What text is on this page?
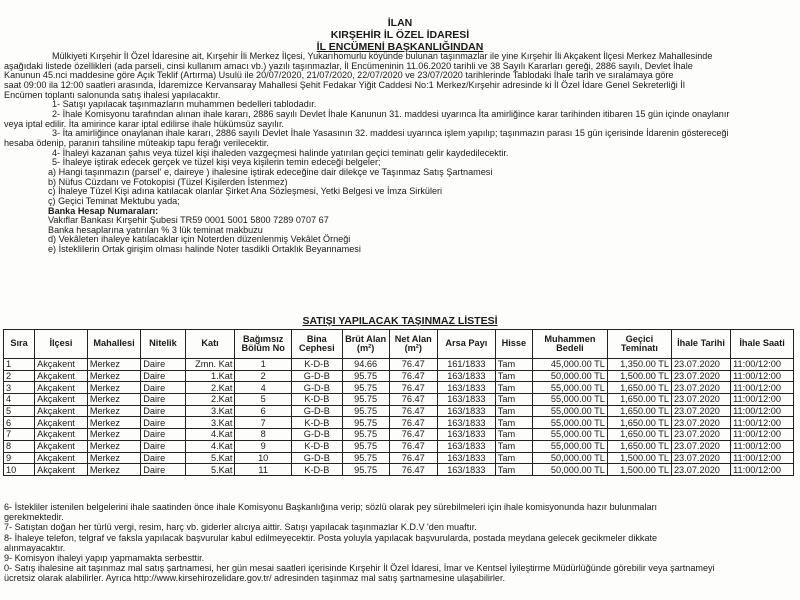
İLAN
KIRŞEHİR İL ÖZEL İDARESİ
İL ENCÜMENİ BAŞKANLIĞINDAN
Mülkiyeti Kırşehir İl Özel İdaresine ait, Kırşehir İli Merkez İlçesi, Yukarıhomurlu köyünde bulunan taşınmazlar ile yine Kırşehir İli Akçakent İlçesi Merkez Mahallesinde
aşağıdaki listede özellikleri (ada parseli, cinsi kullanım amacı vb.) yazılı taşınmazlar, İl Encümeninin 11.06.2020 tarihli ve 38 Sayılı Kararları gereği, 2886 sayılı, Devlet İhale
Kanunun 45.nci maddesine göre Açık Teklif (Artırma) Usulü ile 20/07/2020, 21/07/2020, 22/07/2020 ve 23/07/2020 tarihlerinde Tablodaki İhale tarih ve sıralamaya göre
saat 09:00 ila 12:00 saatleri arasında, İdaremizce Kervansaray Mahallesi Şehit Fedakar Yiğit Caddesi No:1 Merkez/Kırşehir adresinde ki İl Özel İdare Genel Sekreterliği İl
Encümen toplantı salonunda satış ihalesi yapılacaktır.
1- Satışı yapılacak taşınmazların muhammen bedelleri tablodadır.
2- İhale Komisyonu tarafından alınan ihale kararı, 2886 sayılı Devlet İhale Kanunun 31. maddesi uyarınca İta amirliğince karar tarihinden itibaren 15 gün içinde onaylanır
veya iptal edilir. İta amirince karar iptal edilirse ihale hükümsüz sayılır.
3- İta amirliğince onaylanan ihale kararı, 2886 sayılı Devlet İhale Yasasının 32. maddesi uyarınca işlem yapılıp; taşınmazın parası 15 gün içerisinde İdarenin göstereceği
hesaba ödenip, paranın tahsiline müteakip tapu ferağı verilecektir.
4- İhaleyi kazanan şahıs veya tüzel kişi ihaleden vazgeçmesi halinde yatırılan geçici teminatı gelir kaydedilecektir.
5- İhaleye iştirak edecek gerçek ve tüzel kişi veya kişilerin temin edeceği belgeler;
a) Hangi taşınmazın (parsel' e, daireye ) ihalesine iştirak edeceğine dair dilekçe ve Taşınmaz Satış Şartnamesi
b) Nüfus Cüzdanı ve Fotokopisi (Tüzel Kişilerden İstenmez)
c) İhaleye Tüzel Kişi adına katılacak olanlar Şirket Ana Sözleşmesi, Yetki Belgesi ve İmza Sirküleri
ç) Geçici Teminat Mektubu yada;
Banka Hesap Numaraları:
Vakıflar Bankası Kırşehir Şubesi TR59 0001 5001 5800 7289 0707 67
Banka hesaplarına yatırılan % 3 lük teminat makbuzu
d) Vekâleten ihaleye katılacaklar için Noterden düzenlenmiş Vekâlet Örneği
e) İstekliIerin Ortak girişim olması halinde Noter tasdikli Ortaklık Beyannamesi
SATIŞI YAPILACAK TAŞINMAZ LİSTESİ
Sıra	İlçesi	Mahallesi	Nitelik	Katı	Bağımsız Bölüm No	Bina Cephesi	Brüt Alan (m²)	Net Alan (m²)	Arsa Payı	Hisse	Muhammen Bedeli	Geçici Teminatı	İhale Tarihi	İhale Saati
1	Akçakent	Merkez	Daire	Zmn. Kat	1	K-D-B	94.66	76.47	161/1833	Tam	45,000.00 TL	1,350.00 TL	23.07.2020	11:00/12:00
2	Akçakent	Merkez	Daire	1.Kat	2	G-D-B	95.75	76.47	163/1833	Tam	50,000.00 TL	1,500.00 TL	23.07.2020	11:00/12:00
3	Akçakent	Merkez	Daire	2.Kat	4	G-D-B	95.75	76.47	163/1833	Tam	55,000.00 TL	1,650.00 TL	23.07.2020	11:00/12:00
4	Akçakent	Merkez	Daire	2.Kat	5	K-D-B	95.75	76.47	163/1833	Tam	55,000.00 TL	1,650.00 TL	23.07.2020	11:00/12:00
5	Akçakent	Merkez	Daire	3.Kat	6	G-D-B	95.75	76.47	163/1833	Tam	55,000.00 TL	1,650.00 TL	23.07.2020	11:00/12:00
6	Akçakent	Merkez	Daire	3.Kat	7	K-D-B	95.75	76.47	163/1833	Tam	55,000.00 TL	1,650.00 TL	23.07.2020	11:00/12:00
7	Akçakent	Merkez	Daire	4.Kat	8	G-D-B	95.75	76.47	163/1833	Tam	55,000.00 TL	1,650.00 TL	23.07.2020	11:00/12:00
8	Akçakent	Merkez	Daire	4.Kat	9	K-D-B	95.75	76.47	163/1833	Tam	55,000.00 TL	1,650.00 TL	23.07.2020	11:00/12:00
9	Akçakent	Merkez	Daire	5.Kat	10	G-D-B	95.75	76.47	163/1833	Tam	50,000.00 TL	1,500.00 TL	23.07.2020	11:00/12:00
10	Akçakent	Merkez	Daire	5.Kat	11	K-D-B	95.75	76.47	163/1833	Tam	50,000.00 TL	1,500.00 TL	23.07.2020	11:00/12:00
6- İstekliler istenilen belgelerini ihale saatinden önce ihale Komisyonu Başkanlığına verip; sözlü olarak pey sürebilmeleri için ihale komisyonunda hazır bulunmaları
gerekmektedir.
7- Satıştan doğan her türlü vergi, resim, harç vb. giderler alıcıya aittir. Satışı yapılacak taşınmazlar K.D.V 'den muaftır.
8- İhaleye telefon, telgraf ve faksla yapılacak başvurular kabul edilmeyecektir. Posta yoluyla yapılacak başvurularda, postada meydana gelecek gecikmeler dikkate
alınmayacaktır.
9- Komisyon ihaleyi yapıp yapmamakta serbesttir.
0- Satış ihalesine ait taşınmaz mal satış şartnamesi, her gün mesai saatleri içerisinde Kırşehir İl Özel İdaresi, İmar ve Kentsel İyileştirme Müdürlüğünde görebilir veya şartnameyi
ücretsiz olarak alabilirler. Ayrıca http://www.kirsehirozelidare.gov.tr/ adresinden taşınmaz mal satış şartnamesine ulaşabilirler.
